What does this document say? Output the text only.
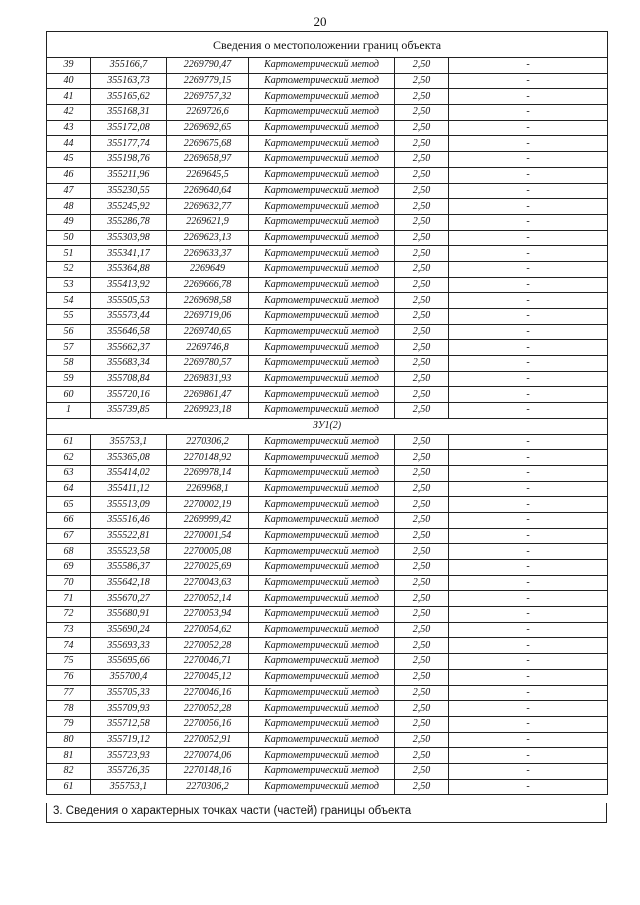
20
Сведения о местоположении границ объекта					
39	355166,7	2269790,47	Картометрический метод	2,50	-
40	355163,73	2269779,15	Картометрический метод	2,50	-
41	355165,62	2269757,32	Картометрический метод	2,50	-
42	355168,31	2269726,6	Картометрический метод	2,50	-
43	355172,08	2269692,65	Картометрический метод	2,50	-
44	355177,74	2269675,68	Картометрический метод	2,50	-
45	355198,76	2269658,97	Картометрический метод	2,50	-
46	355211,96	2269645,5	Картометрический метод	2,50	-
47	355230,55	2269640,64	Картометрический метод	2,50	-
48	355245,92	2269632,77	Картометрический метод	2,50	-
49	355286,78	2269621,9	Картометрический метод	2,50	-
50	355303,98	2269623,13	Картометрический метод	2,50	-
51	355341,17	2269633,37	Картометрический метод	2,50	-
52	355364,88	2269649	Картометрический метод	2,50	-
53	355413,92	2269666,78	Картометрический метод	2,50	-
54	355505,53	2269698,58	Картометрический метод	2,50	-
55	355573,44	2269719,06	Картометрический метод	2,50	-
56	355646,58	2269740,65	Картометрический метод	2,50	-
57	355662,37	2269746,8	Картометрический метод	2,50	-
58	355683,34	2269780,57	Картометрический метод	2,50	-
59	355708,84	2269831,93	Картометрический метод	2,50	-
60	355720,16	2269861,47	Картометрический метод	2,50	-
1	355739,85	2269923,18	Картометрический метод	2,50	-
ЗУ1(2)					
61	355753,1	2270306,2	Картометрический метод	2,50	-
62	355365,08	2270148,92	Картометрический метод	2,50	-
63	355414,02	2269978,14	Картометрический метод	2,50	-
64	355411,12	2269968,1	Картометрический метод	2,50	-
65	355513,09	2270002,19	Картометрический метод	2,50	-
66	355516,46	2269999,42	Картометрический метод	2,50	-
67	355522,81	2270001,54	Картометрический метод	2,50	-
68	355523,58	2270005,08	Картометрический метод	2,50	-
69	355586,37	2270025,69	Картометрический метод	2,50	-
70	355642,18	2270043,63	Картометрический метод	2,50	-
71	355670,27	2270052,14	Картометрический метод	2,50	-
72	355680,91	2270053,94	Картометрический метод	2,50	-
73	355690,24	2270054,62	Картометрический метод	2,50	-
74	355693,33	2270052,28	Картометрический метод	2,50	-
75	355695,66	2270046,71	Картометрический метод	2,50	-
76	355700,4	2270045,12	Картометрический метод	2,50	-
77	355705,33	2270046,16	Картометрический метод	2,50	-
78	355709,93	2270052,28	Картометрический метод	2,50	-
79	355712,58	2270056,16	Картометрический метод	2,50	-
80	355719,12	2270052,91	Картометрический метод	2,50	-
81	355723,93	2270074,06	Картометрический метод	2,50	-
82	355726,35	2270148,16	Картометрический метод	2,50	-
61	355753,1	2270306,2	Картометрический метод	2,50	-
3. Сведения о характерных точках части (частей) границы объекта
